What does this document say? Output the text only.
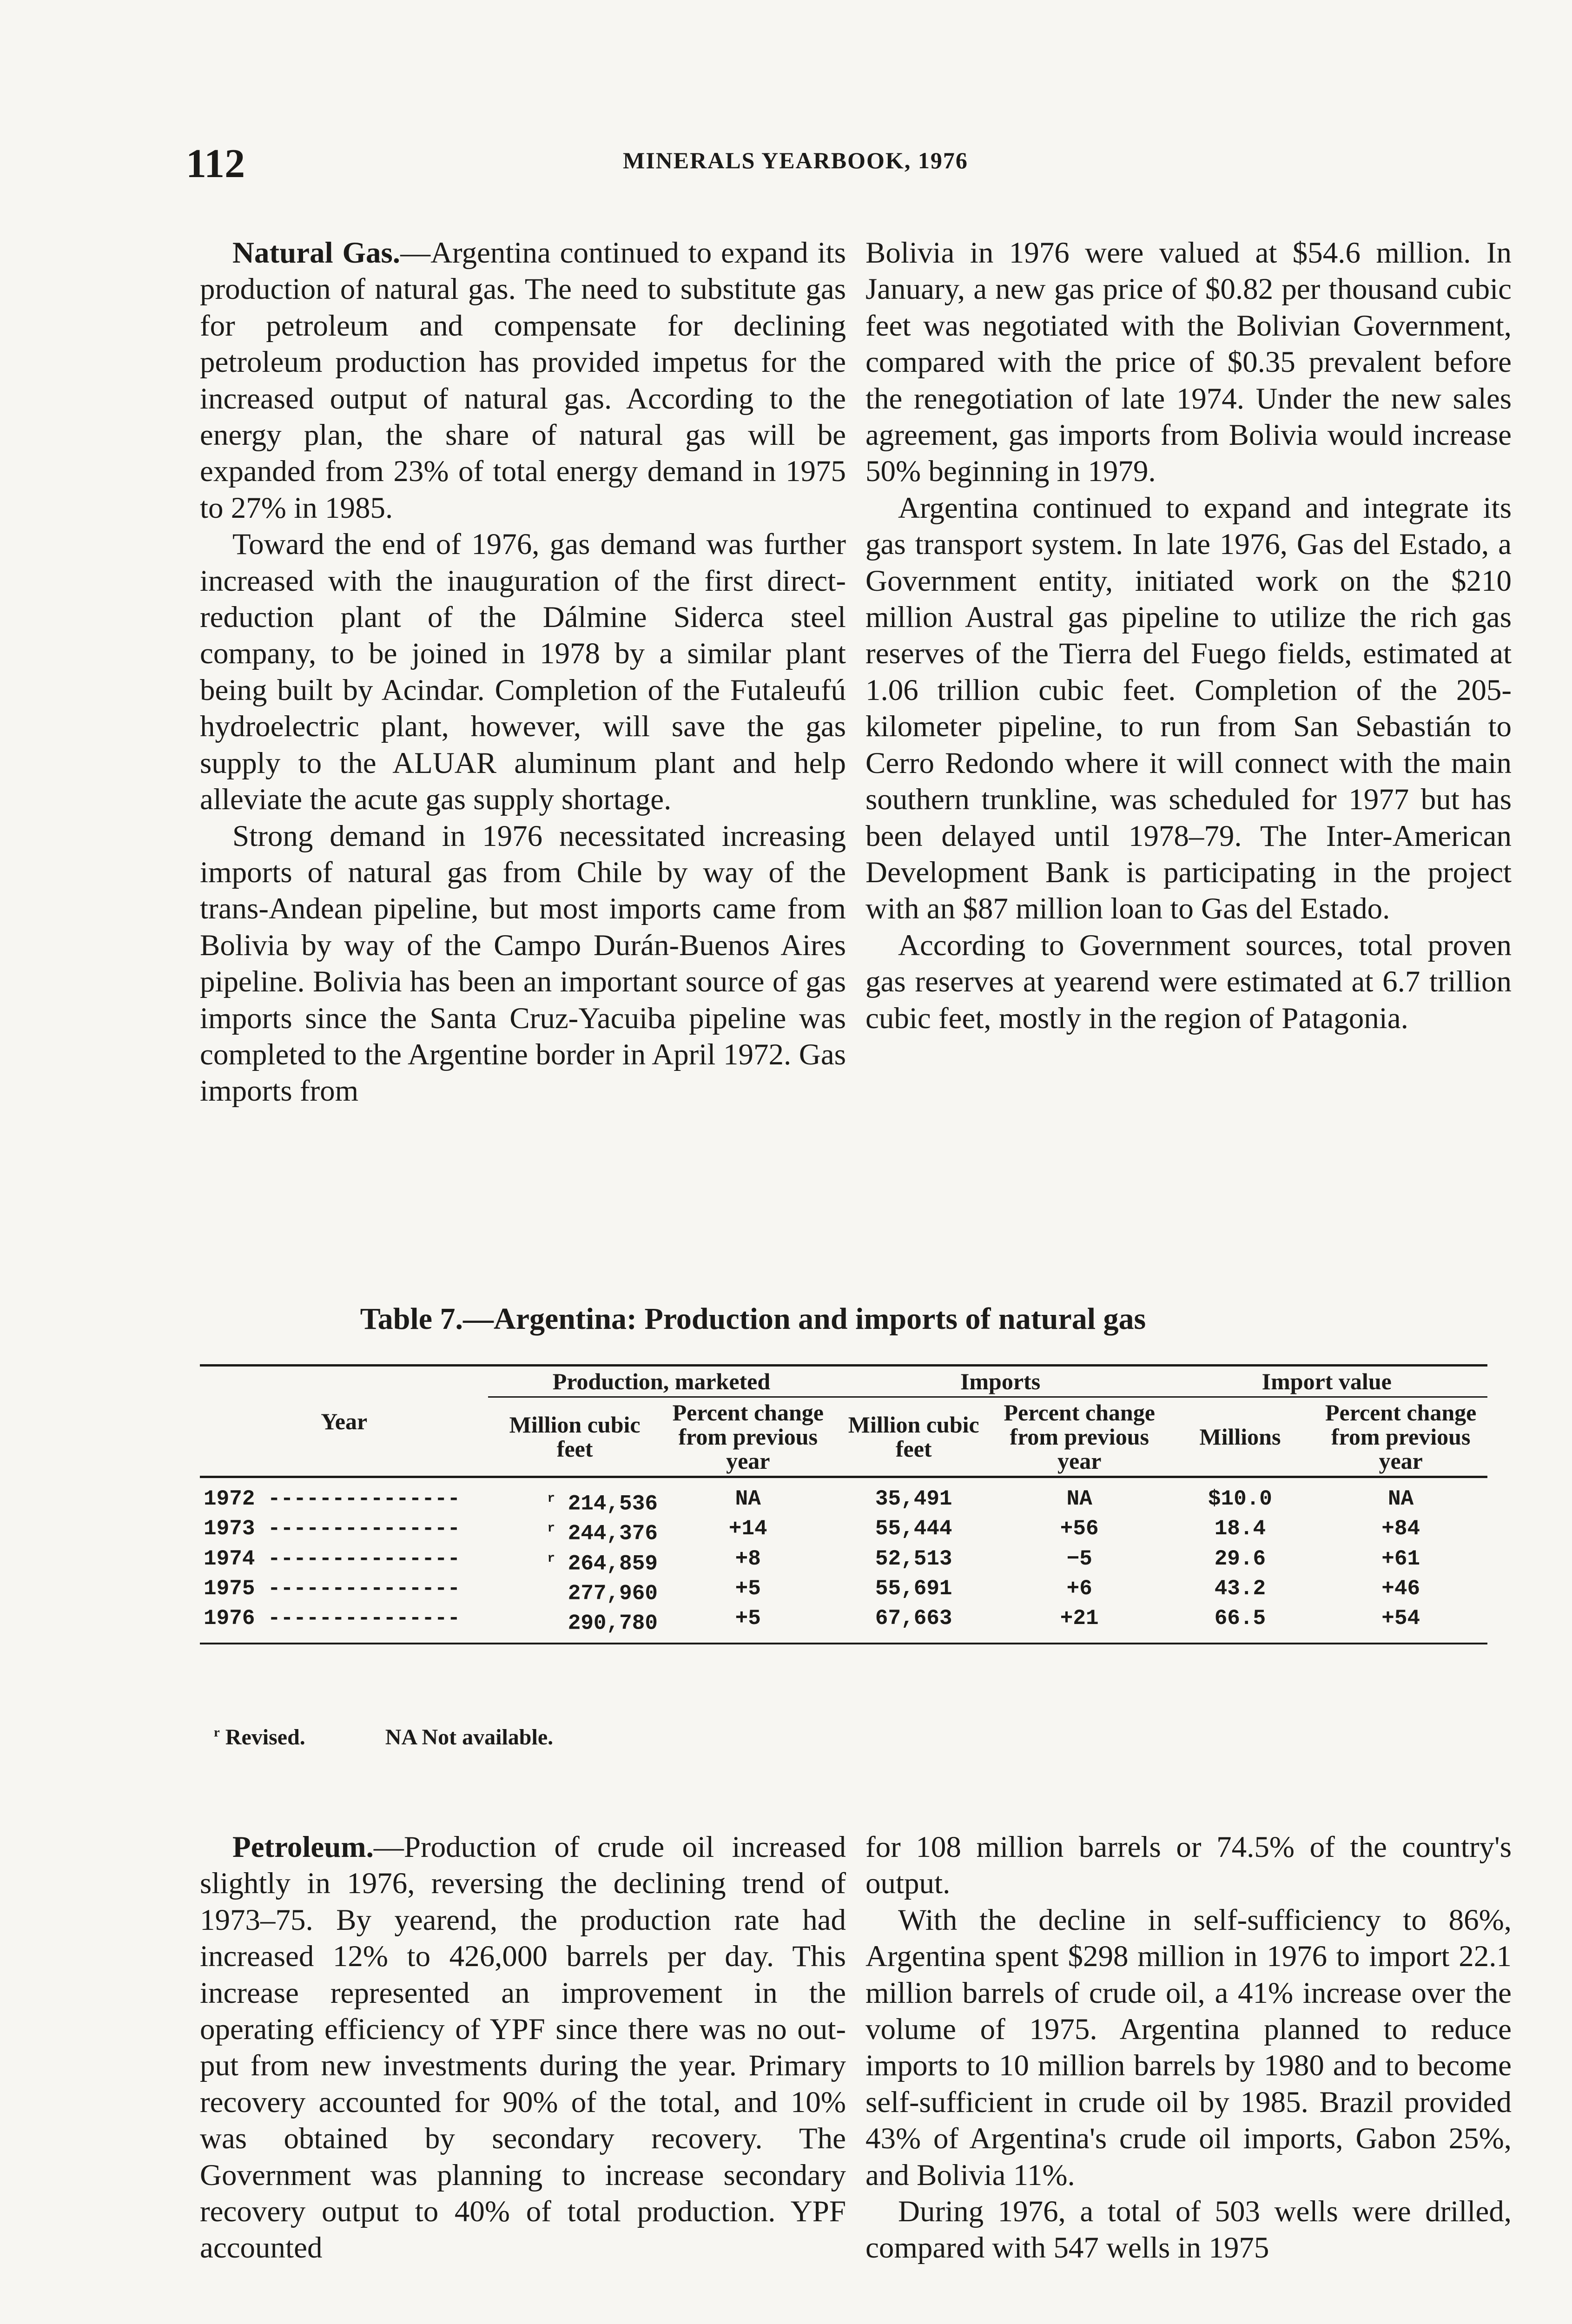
112	MINERALS YEARBOOK, 1976

Natural Gas.—Argentina continued to expand its production of natural gas. The need to substitute gas for petroleum and compensate for declining petroleum production has provided impetus for the increased output of natural gas. According to the energy plan, the share of natural gas will be expanded from 23% of total energy demand in 1975 to 27% in 1985.

Toward the end of 1976, gas demand was further increased with the inauguration of the first direct-reduction plant of the Dálmine Siderca steel company, to be joined in 1978 by a similar plant being built by Acindar. Completion of the Futaleufú hydroelectric plant, however, will save the gas supply to the ALUAR aluminum plant and help alleviate the acute gas supply shortage.

Strong demand in 1976 necessitated increasing imports of natural gas from Chile by way of the trans-Andean pipeline, but most imports came from Bolivia by way of the Campo Durán-Buenos Aires pipeline. Bolivia has been an important source of gas imports since the Santa Cruz-Yacuiba pipeline was completed to the Argentine border in April 1972. Gas imports from

Bolivia in 1976 were valued at $54.6 million. In January, a new gas price of $0.82 per thousand cubic feet was negotiated with the Bolivian Government, compared with the price of $0.35 prevalent before the renegotiation of late 1974. Under the new sales agreement, gas imports from Bolivia would increase 50% beginning in 1979.

Argentina continued to expand and integrate its gas transport system. In late 1976, Gas del Estado, a Government entity, initiated work on the $210 million Austral gas pipeline to utilize the rich gas reserves of the Tierra del Fuego fields, estimated at 1.06 trillion cubic feet. Completion of the 205-kilometer pipeline, to run from San Sebastián to Cerro Redondo where it will connect with the main southern trunkline, was scheduled for 1977 but has been delayed until 1978–79. The Inter-American Development Bank is participating in the project with an $87 million loan to Gas del Estado.

According to Government sources, total proven gas reserves at yearend were estimated at 6.7 trillion cubic feet, mostly in the region of Patagonia.

Table 7.—Argentina: Production and imports of natural gas
Year	Production, marketed		Imports		Import value	
	Million cubic feet	Percent change from previous year	Million cubic feet	Percent change from previous year	Millions	Percent change from previous year
1972 ---------------	$^r$ 214,536	NA	35,491	NA	$10.0	NA
1973 ---------------	$^r$ 244,376	+14	55,444	+56	18.4	+84
1974 ---------------	$^r$ 264,859	+8	52,513	−5	29.6	+61
1975 ---------------	277,960	+5	55,691	+6	43.2	+46
1976 ---------------	290,780	+5	67,663	+21	66.5	+54
$^r$ Revised.	NA Not available.

Petroleum.—Production of crude oil increased slightly in 1976, reversing the declining trend of 1973–75. By yearend, the production rate had increased 12% to 426,000 barrels per day. This increase represented an improvement in the operating efficiency of YPF since there was no output from new investments during the year. Primary recovery accounted for 90% of the total, and 10% was obtained by secondary recovery. The Government was planning to increase secondary recovery output to 40% of total production. YPF accounted

for 108 million barrels or 74.5% of the country's output.

With the decline in self-sufficiency to 86%, Argentina spent $298 million in 1976 to import 22.1 million barrels of crude oil, a 41% increase over the volume of 1975. Argentina planned to reduce imports to 10 million barrels by 1980 and to become self-sufficient in crude oil by 1985. Brazil provided 43% of Argentina's crude oil imports, Gabon 25%, and Bolivia 11%.

During 1976, a total of 503 wells were drilled, compared with 547 wells in 1975
